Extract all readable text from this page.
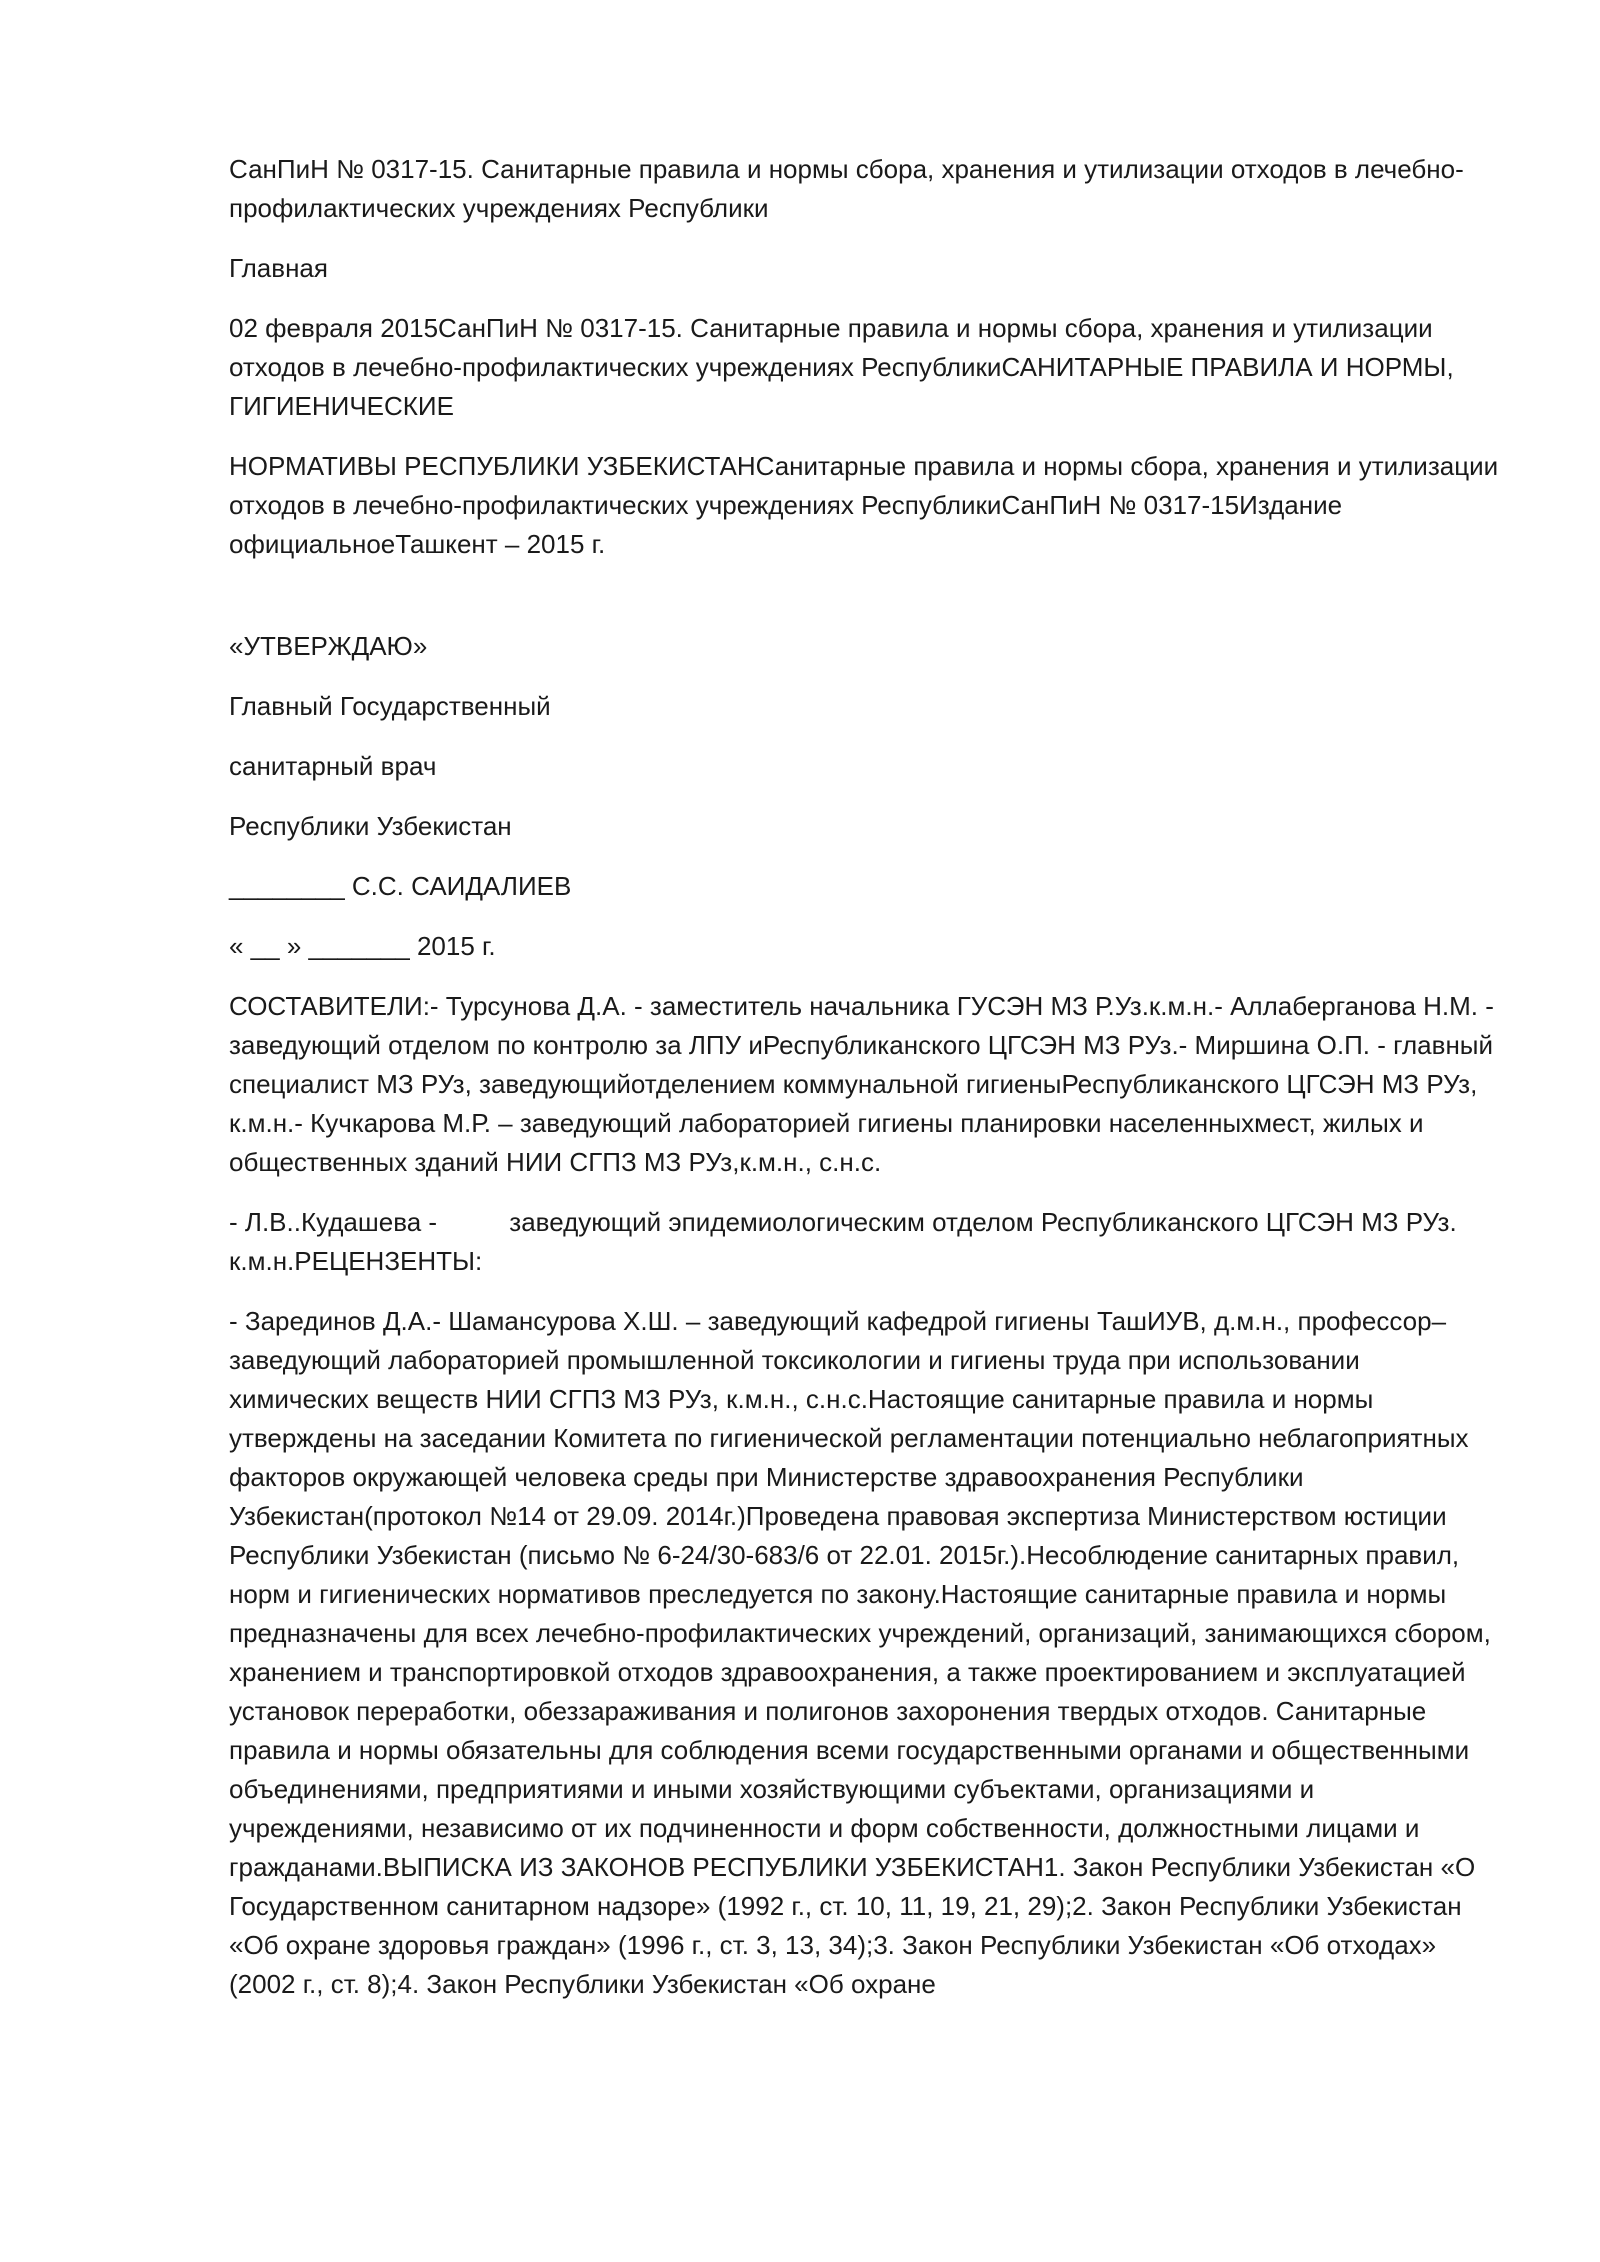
СанПиН № 0317-15. Санитарные правила и нормы сбора, хранения и утилизации отходов в лечебно-профилактических учреждениях Республики

Главная

02 февраля 2015СанПиН № 0317-15. Санитарные правила и нормы сбора, хранения и утилизации отходов в лечебно-профилактических учреждениях РеспубликиСАНИТАРНЫЕ ПРАВИЛА И НОРМЫ, ГИГИЕНИЧЕСКИЕ

НОРМАТИВЫ РЕСПУБЛИКИ УЗБЕКИСТАНСанитарные правила и нормы сбора, хранения и утилизации отходов в лечебно-профилактических учреждениях РеспубликиСанПиН № 0317-15Издание официальноеТашкент – 2015 г.

«УТВЕРЖДАЮ»

Главный Государственный

санитарный врач

Республики Узбекистан

________ С.С. САИДАЛИЕВ

« __ » _______ 2015 г.

СОСТАВИТЕЛИ:- Турсунова Д.А. - заместитель начальника ГУСЭН МЗ Р.Уз.к.м.н.- Аллаберганова Н.М. - заведующий отделом по контролю за ЛПУ иРеспубликанского ЦГСЭН МЗ РУз.- Миршина О.П. - главный специалист МЗ РУз, заведующийотделением коммунальной гигиеныРеспубликанского ЦГСЭН МЗ РУз, к.м.н.- Кучкарова М.Р. – заведующий лабораторией гигиены планировки населенныхмест, жилых и общественных зданий НИИ СГПЗ МЗ РУз,к.м.н., с.н.с.

- Л.В..Кудашева -          заведующий эпидемиологическим отделом Республиканского ЦГСЭН МЗ РУз. к.м.н.РЕЦЕНЗЕНТЫ:

- Зарединов Д.А.- Шамансурова Х.Ш. – заведующий кафедрой гигиены ТашИУВ, д.м.н., профессор– заведующий лабораторией промышленной токсикологии и гигиены труда при использовании химических веществ НИИ СГПЗ МЗ РУз, к.м.н., с.н.с.Настоящие санитарные правила и нормы утверждены на заседании Комитета по гигиенической регламентации потенциально неблагоприятных факторов окружающей человека среды при Министерстве здравоохранения Республики Узбекистан(протокол №14 от 29.09. 2014г.)Проведена правовая экспертиза Министерством юстиции Республики Узбекистан (письмо № 6-24/30-683/6 от 22.01. 2015г.).Несоблюдение санитарных правил, норм и гигиенических нормативов преследуется по закону.Настоящие санитарные правила и нормы предназначены для всех лечебно-профилактических учреждений, организаций, занимающихся сбором, хранением и транспортировкой отходов здравоохранения, а также проектированием и эксплуатацией установок переработки, обеззараживания и полигонов захоронения твердых отходов. Санитарные правила и нормы обязательны для соблюдения всеми государственными органами и общественными объединениями, предприятиями и иными хозяйствующими субъектами, организациями и учреждениями, независимо от их подчиненности и форм собственности, должностными лицами и гражданами.ВЫПИСКА ИЗ ЗАКОНОВ РЕСПУБЛИКИ УЗБЕКИСТАН1. Закон Республики Узбекистан «О Государственном санитарном надзоре» (1992 г., ст. 10, 11, 19, 21, 29);2. Закон Республики Узбекистан «Об охране здоровья граждан» (1996 г., ст. 3, 13, 34);3. Закон Республики Узбекистан «Об отходах» (2002 г., ст. 8);4. Закон Республики Узбекистан «Об охране
